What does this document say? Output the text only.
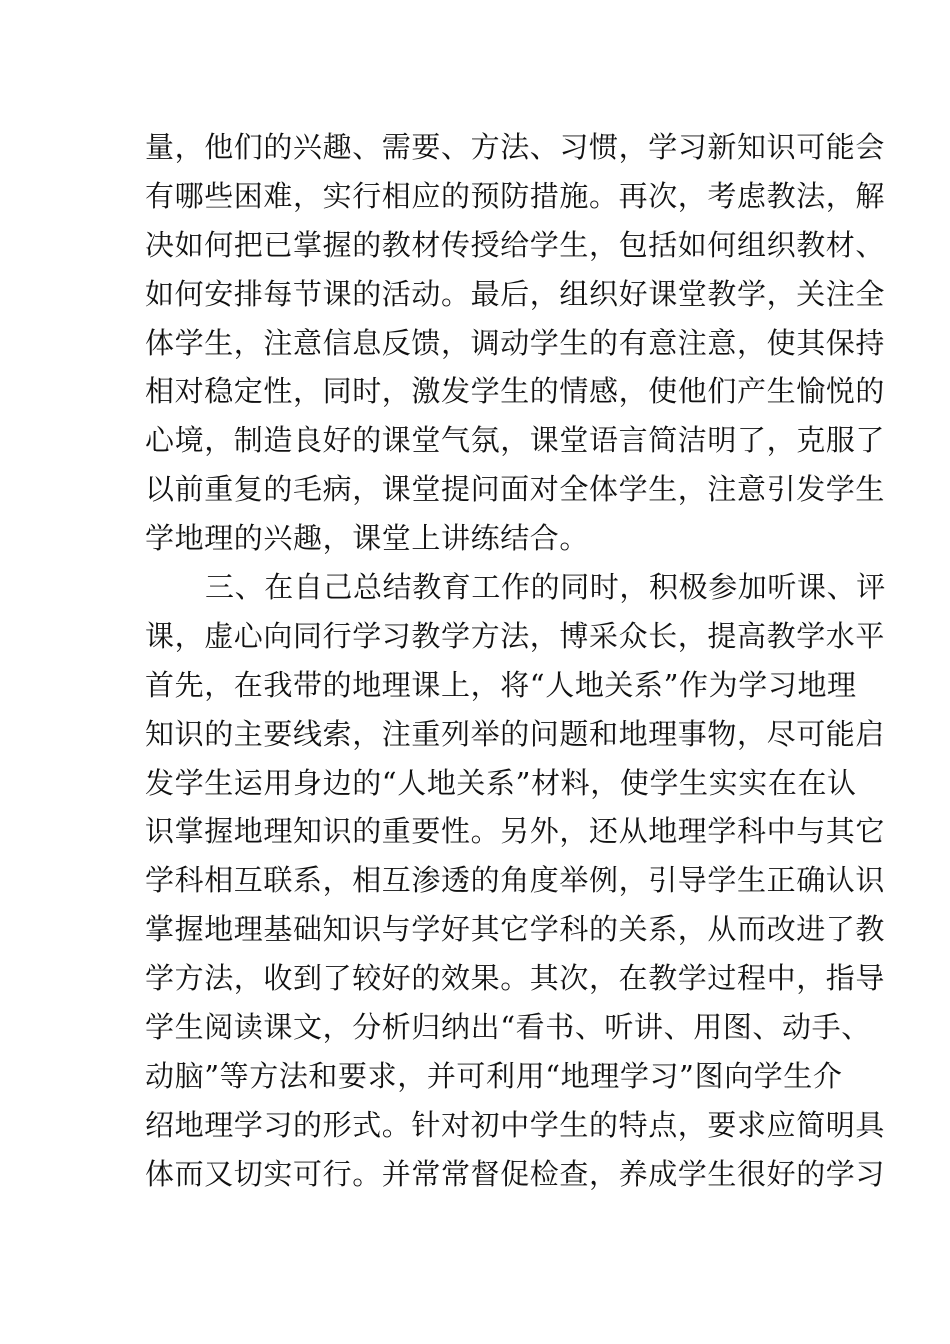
量，他们的兴趣、需要、方法、习惯，学习新知识可能会
有哪些困难，实行相应的预防措施。再次，考虑教法，解
决如何把已掌握的教材传授给学生，包括如何组织教材、
如何安排每节课的活动。最后，组织好课堂教学，关注全
体学生，注意信息反馈，调动学生的有意注意，使其保持
相对稳定性，同时，激发学生的情感，使他们产生愉悦的
心境，制造良好的课堂气氛，课堂语言简洁明了，克服了
以前重复的毛病，课堂提问面对全体学生，注意引发学生
学地理的兴趣，课堂上讲练结合。
三、在自己总结教育工作的同时，积极参加听课、评
课，虚心向同行学习教学方法，博采众长，提高教学水平
首先，在我带的地理课上，将“人地关系”作为学习地理
知识的主要线索，注重列举的问题和地理事物，尽可能启
发学生运用身边的“人地关系”材料，使学生实实在在认
识掌握地理知识的重要性。另外，还从地理学科中与其它
学科相互联系，相互渗透的角度举例，引导学生正确认识
掌握地理基础知识与学好其它学科的关系，从而改进了教
学方法，收到了较好的效果。其次，在教学过程中，指导
学生阅读课文，分析归纳出“看书、听讲、用图、动手、
动脑”等方法和要求，并可利用“地理学习”图向学生介
绍地理学习的形式。针对初中学生的特点，要求应简明具
体而又切实可行。并常常督促检查，养成学生很好的学习
